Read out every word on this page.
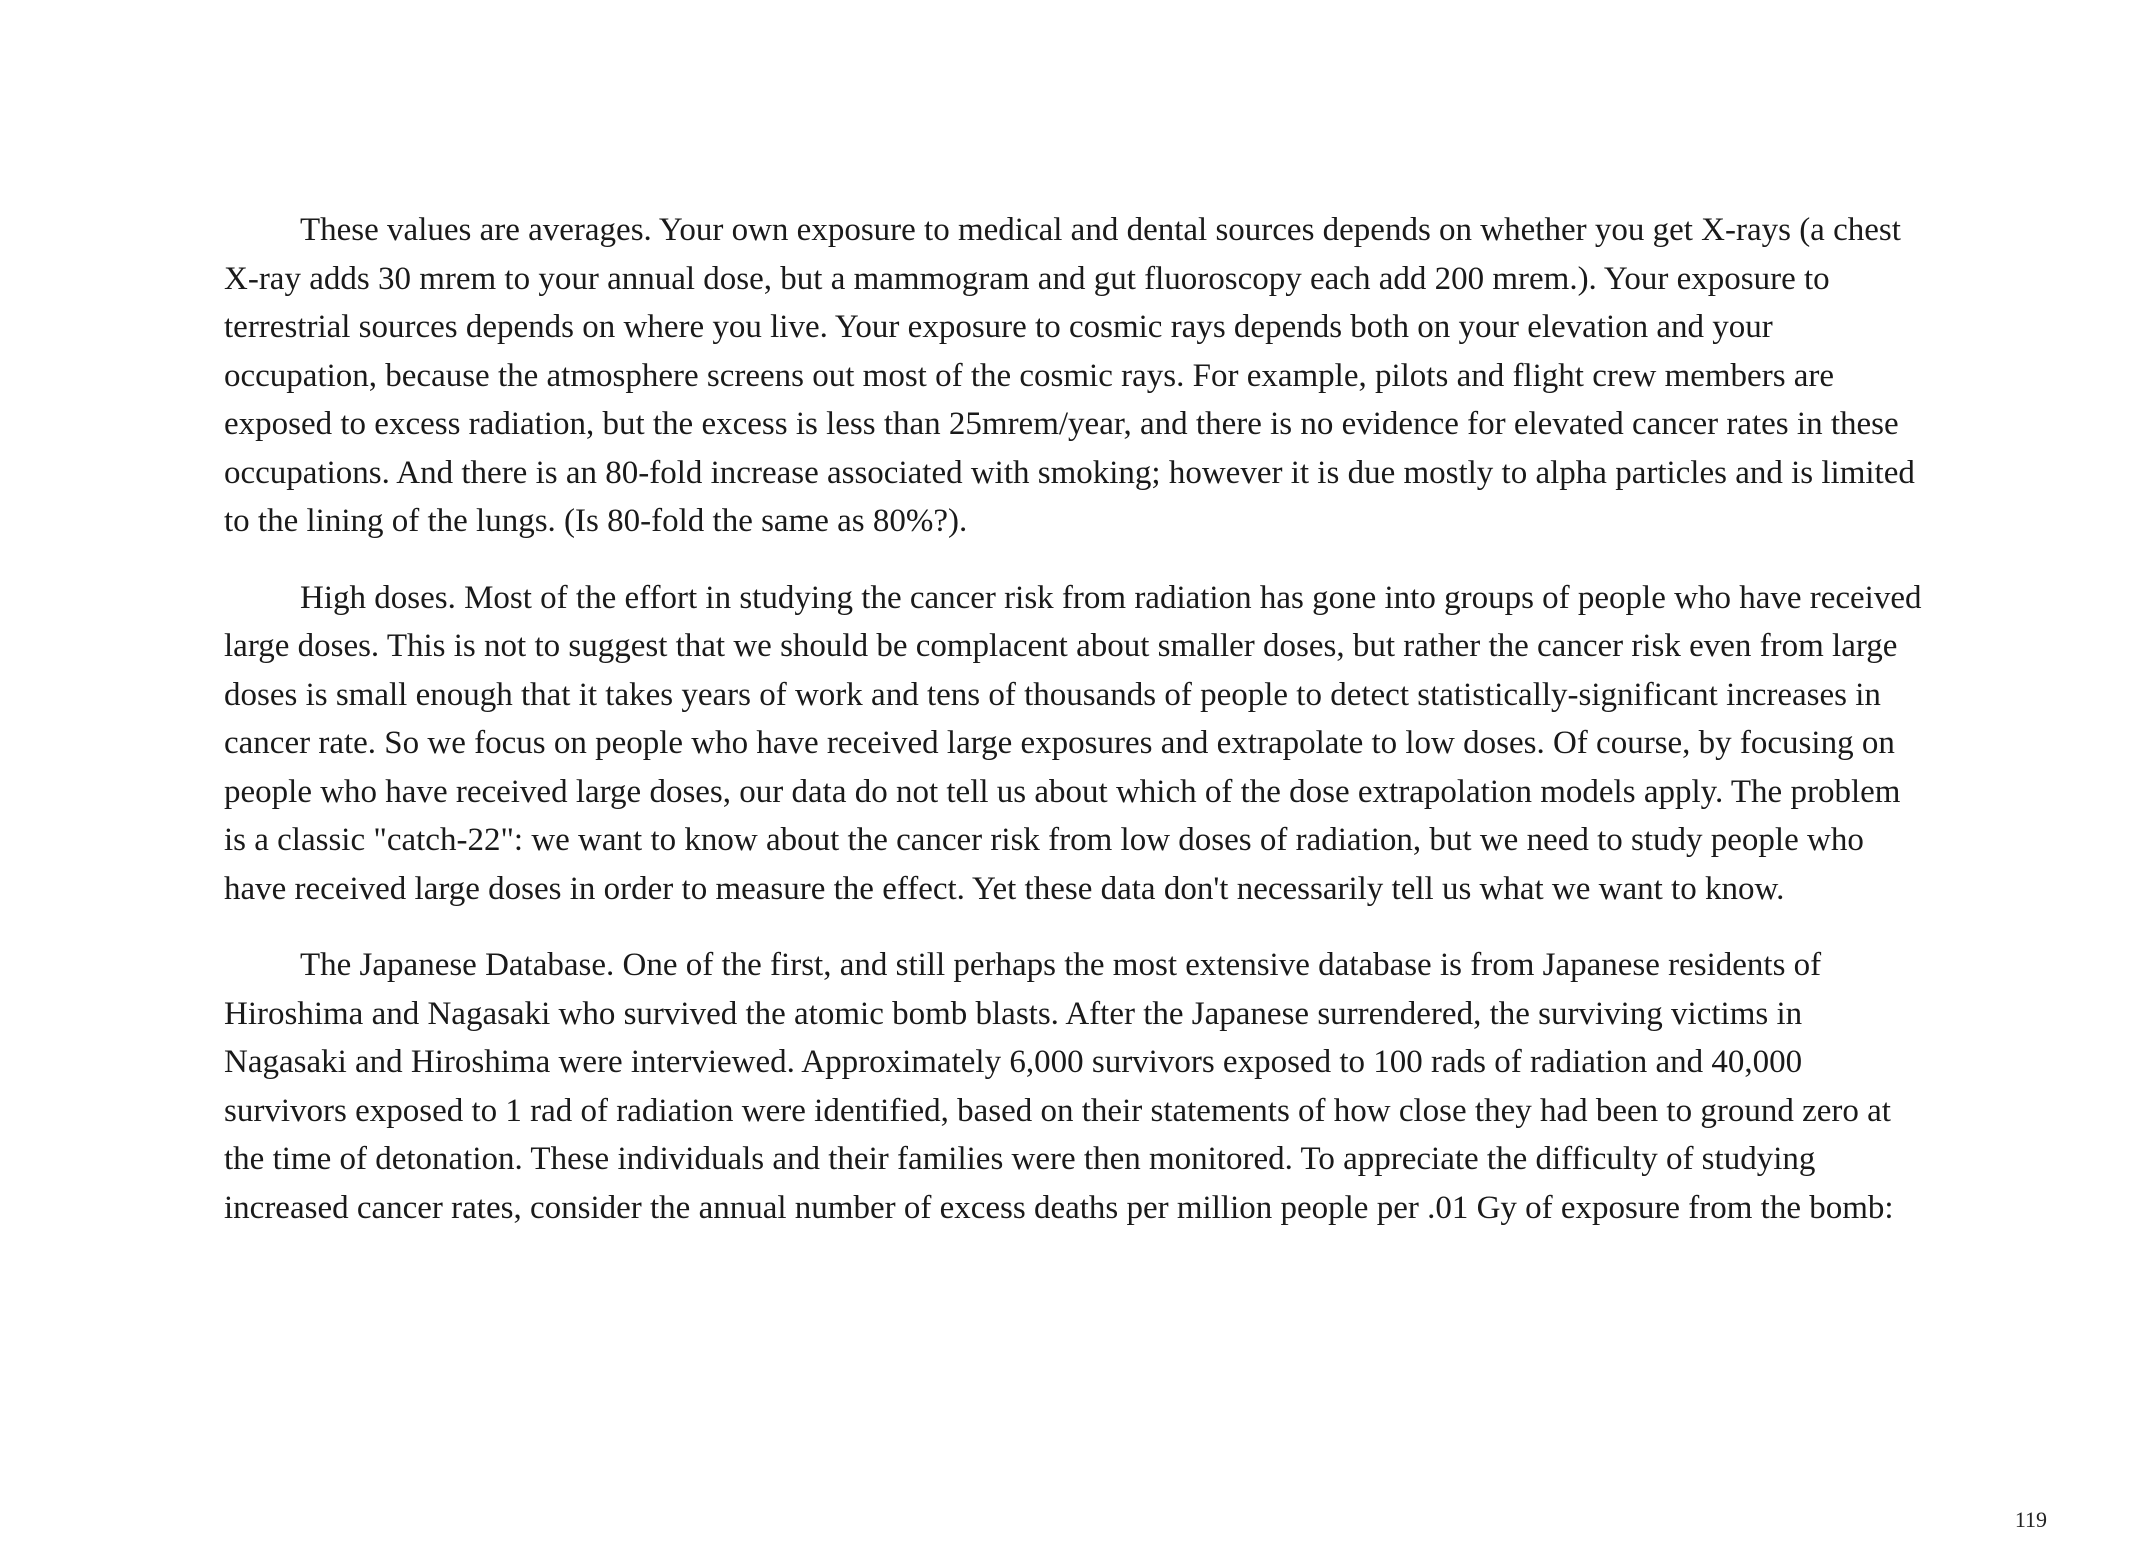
These values are averages. Your own exposure to medical and dental sources depends on whether you get X-rays (a chest X-ray adds 30 mrem to your annual dose, but a mammogram and gut fluoroscopy each add 200 mrem.). Your exposure to terrestrial sources depends on where you live. Your exposure to cosmic rays depends both on your elevation and your occupation, because the atmosphere screens out most of the cosmic rays. For example, pilots and flight crew members are exposed to excess radiation, but the excess is less than 25mrem/year, and there is no evidence for elevated cancer rates in these occupations. And there is an 80-fold increase associated with smoking; however it is due mostly to alpha particles and is limited to the lining of the lungs. (Is 80-fold the same as 80%?).

High doses. Most of the effort in studying the cancer risk from radiation has gone into groups of people who have received large doses. This is not to suggest that we should be complacent about smaller doses, but rather the cancer risk even from large doses is small enough that it takes years of work and tens of thousands of people to detect statistically-significant increases in cancer rate. So we focus on people who have received large exposures and extrapolate to low doses. Of course, by focusing on people who have received large doses, our data do not tell us about which of the dose extrapolation models apply. The problem is a classic "catch-22": we want to know about the cancer risk from low doses of radiation, but we need to study people who have received large doses in order to measure the effect. Yet these data don't necessarily tell us what we want to know.

The Japanese Database. One of the first, and still perhaps the most extensive database is from Japanese residents of Hiroshima and Nagasaki who survived the atomic bomb blasts. After the Japanese surrendered, the surviving victims in Nagasaki and Hiroshima were interviewed. Approximately 6,000 survivors exposed to 100 rads of radiation and 40,000 survivors exposed to 1 rad of radiation were identified, based on their statements of how close they had been to ground zero at the time of detonation. These individuals and their families were then monitored. To appreciate the difficulty of studying increased cancer rates, consider the annual number of excess deaths per million people per .01 Gy of exposure from the bomb:

119
